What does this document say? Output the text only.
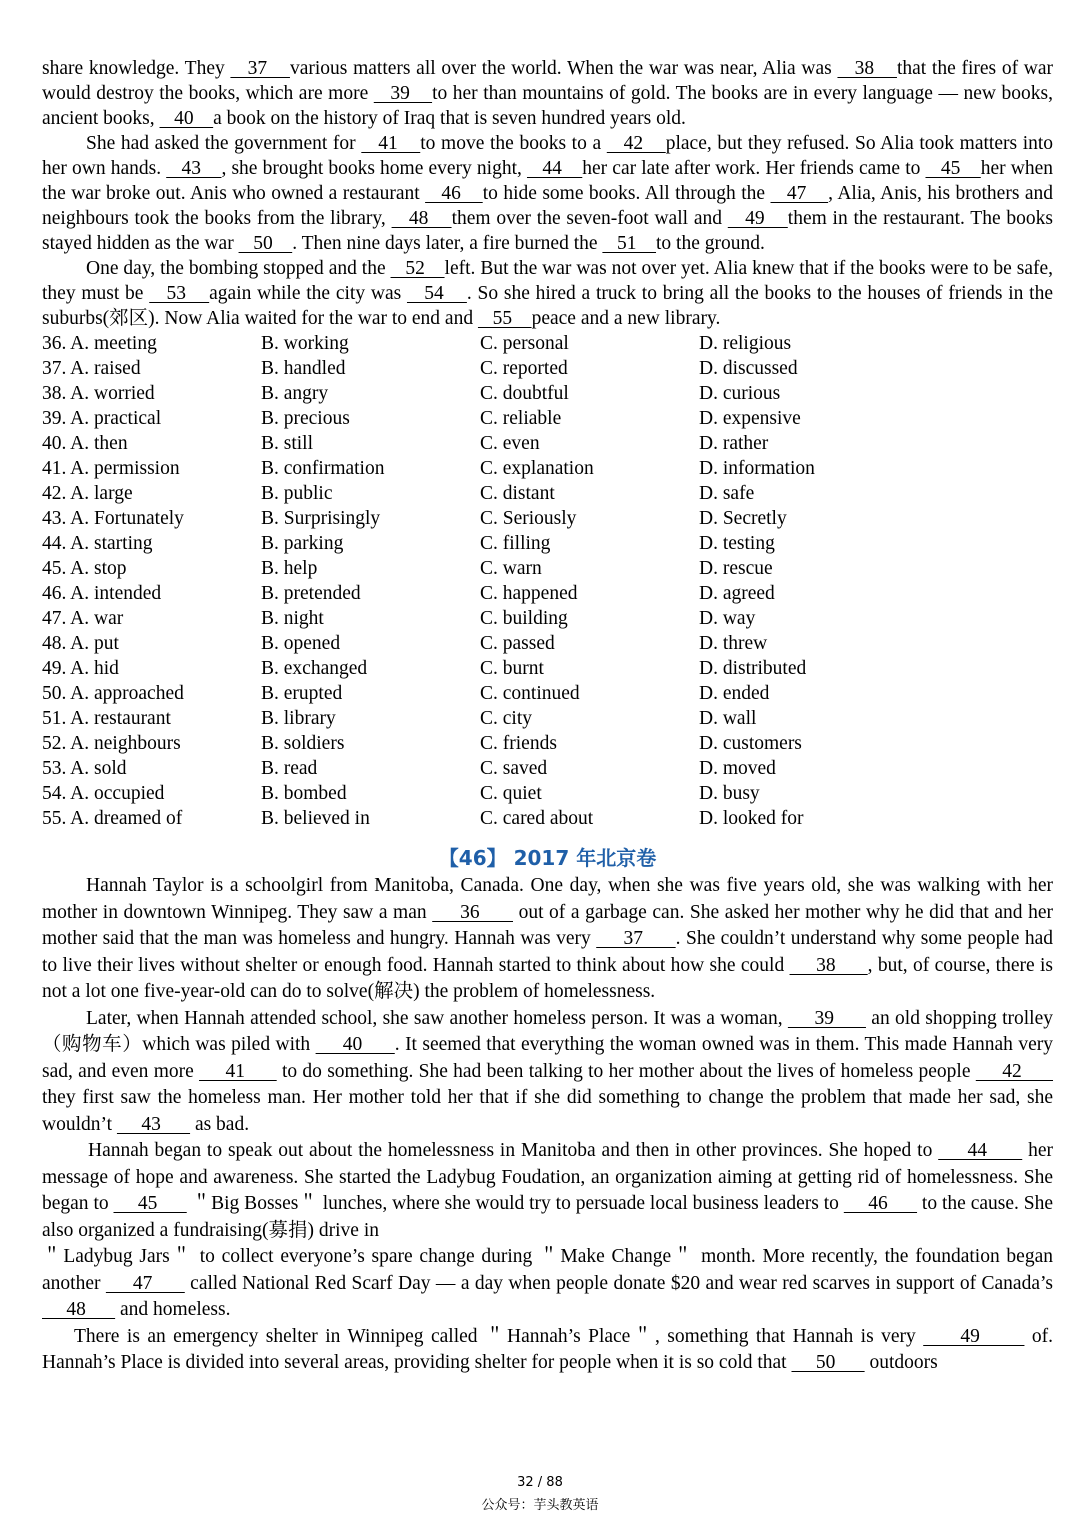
share knowledge. They    37    various matters all over the world. When the war was near, Alia was    38    that the fires of war would destroy the books, which are more    39    to her than mountains of gold. The books are in every language — new books, ancient books,    40    a book on the history of Iraq that is seven hundred years old.

She had asked the government for    41    to move the books to a    42    place, but they refused. So Alia took matters into her own hands.    43    , she brought books home every night,    44    her car late after work. Her friends came to    45    her when the war broke out. Anis who owned a restaurant    46    to hide some books. All through the    47    , Alia, Anis, his brothers and neighbours took the books from the library,    48    them over the seven-foot wall and    49    them in the restaurant. The books stayed hidden as the war    50    . Then nine days later, a fire burned the    51    to the ground.

One day, the bombing stopped and the    52    left. But the war was not over yet. Alia knew that if the books were to be safe, they must be    53    again while the city was    54    . So she hired a truck to bring all the books to the houses of friends in the suburbs(郊区). Now Alia waited for the war to end and    55    peace and a new library.

36. A. meeting	B. working	C. personal	D. religious
37. A. raised	B. handled	C. reported	D. discussed
38. A. worried	B. angry	C. doubtful	D. curious
39. A. practical	B. precious	C. reliable	D. expensive
40. A. then	B. still	C. even	D. rather
41. A. permission	B. confirmation	C. explanation	D. information
42. A. large	B. public	C. distant	D. safe
43. A. Fortunately	B. Surprisingly	C. Seriously	D. Secretly
44. A. starting	B. parking	C. filling	D. testing
45. A. stop	B. help	C. warn	D. rescue
46. A. intended	B. pretended	C. happened	D. agreed
47. A. war	B. night	C. building	D. way
48. A. put	B. opened	C. passed	D. threw
49. A. hid	B. exchanged	C. burnt	D. distributed
50. A. approached	B. erupted	C. continued	D. ended
51. A. restaurant	B. library	C. city	D. wall
52. A. neighbours	B. soldiers	C. friends	D. customers
53. A. sold	B. read	C. saved	D. moved
54. A. occupied	B. bombed	C. quiet	D. busy
55. A. dreamed of	B. believed in	C. cared about	D. looked for
【46】 2017 年北京卷

Hannah Taylor is a schoolgirl from Manitoba, Canada. One day, when she was five years old, she was walking with her mother in downtown Winnipeg. They saw a man      36       out of a garbage can. She asked her mother why he did that and her mother said that the man was homeless and hungry. Hannah was very      37      . She couldn’t understand why some people had to live their lives without shelter or enough food. Hannah started to think about how she could      38      , but, of course, there is not a lot one five-year-old can do to solve(解决) the problem of homelessness.

Later, when Hannah attended school, she saw another homeless person. It was a woman,      39       an old shopping trolley（购物车）which was piled with      40      . It seemed that everything the woman owned was in them. This made Hannah very sad, and even more      41       to do something. She had been talking to her mother about the lives of homeless people      42       they first saw the homeless man. Her mother told her that if she did something to change the problem that made her sad, she wouldn’t      43       as bad.

Hannah began to speak out about the homelessness in Manitoba and then in other provinces. She hoped to      44       her message of hope and awareness. She started the Ladybug Foudation, an organization aiming at getting rid of homelessness. She began to      45       ＂Big Bosses＂ lunches, where she would try to persuade local business leaders to      46       to the cause. She also organized a fundraising(募捐) drive in

＂Ladybug Jars＂ to collect everyone’s spare change during ＂Make Change＂ month. More recently, the foundation began another      47       called National Red Scarf Day — a day when people donate $20 and wear red scarves in support of Canada’s      48       and homeless.

There is an emergency shelter in Winnipeg called ＂Hannah’s Place＂, something that Hannah is very      49       of. Hannah’s Place is divided into several areas, providing shelter for people when it is so cold that      50       outdoors

32 / 88
公众号：芋头教英语
